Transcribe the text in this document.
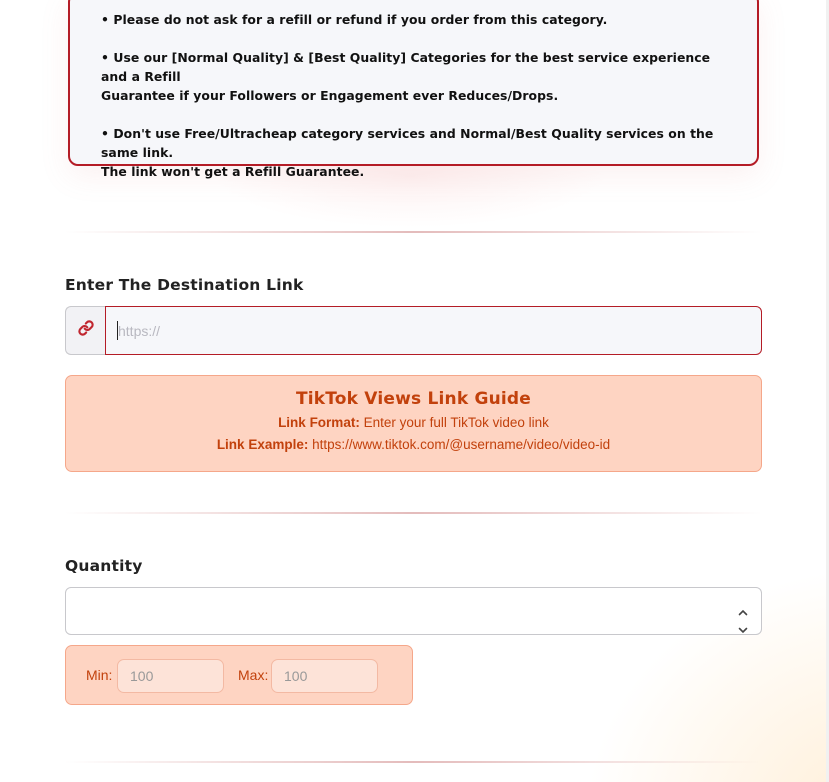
• Please do not ask for a refill or refund if you order from this category.
• Use our [Normal Quality] & [Best Quality] Categories for the best service experience and a Refill
Guarantee if your Followers or Engagement ever Reduces/Drops.
• Don't use Free/Ultracheap category services and Normal/Best Quality services on the same link.
The link won't get a Refill Guarantee.
Enter The Destination Link
https://
TikTok Views Link Guide
Link Format: Enter your full TikTok video link
Link Example: https://www.tiktok.com/@username/video/video-id
Quantity
Min:	100	Max:	100
